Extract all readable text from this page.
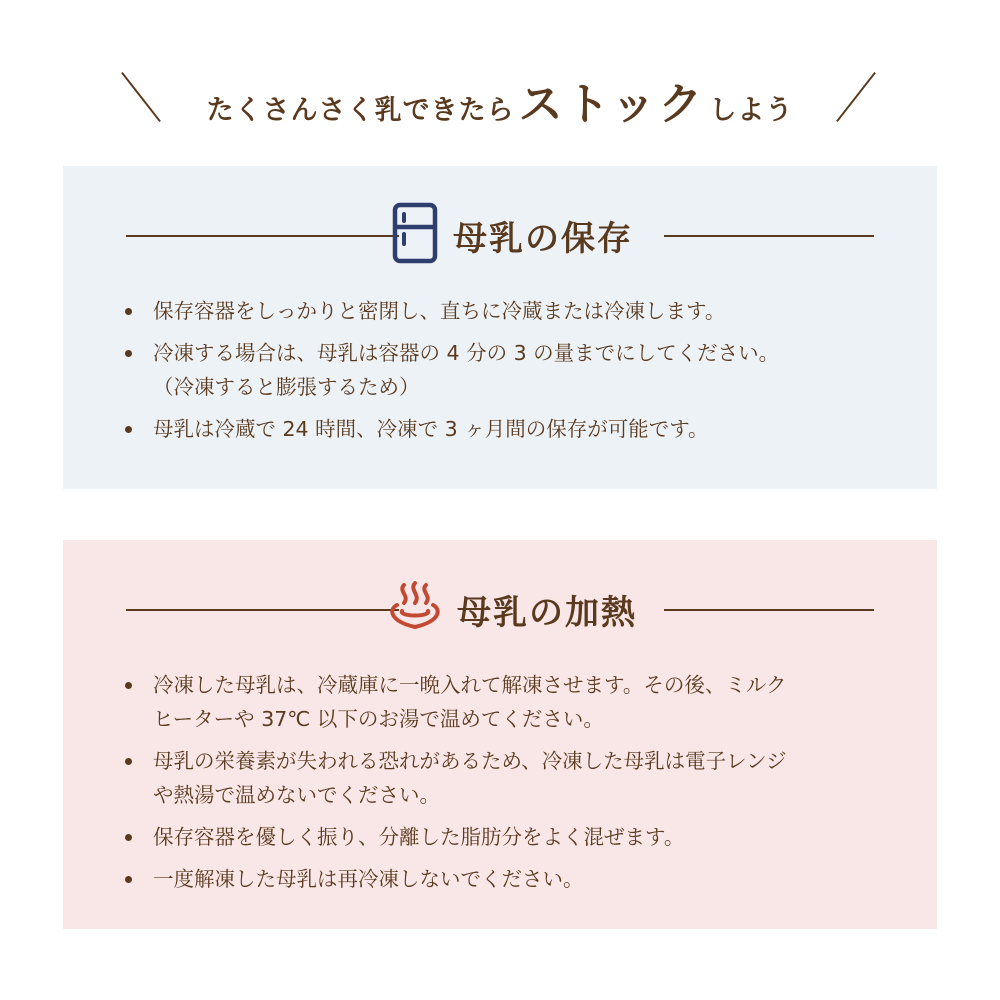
たくさんさく乳できたらストック しよう
母乳の保存
保存容器をしっかりと密閉し、直ちに冷蔵または冷凍します。
冷凍する場合は、母乳は容器の 4 分の 3 の量までにしてください。
（冷凍すると膨張するため）
母乳は冷蔵で 24 時間、冷凍で 3 ヶ月間の保存が可能です。
母乳の加熱
冷凍した母乳は、冷蔵庫に一晩入れて解凍させます。その後、ミルク
ヒーターや 37℃ 以下のお湯で温めてください。
母乳の栄養素が失われる恐れがあるため、冷凍した母乳は電子レンジ
や熱湯で温めないでください。
保存容器を優しく振り、分離した脂肪分をよく混ぜます。
一度解凍した母乳は再冷凍しないでください。
